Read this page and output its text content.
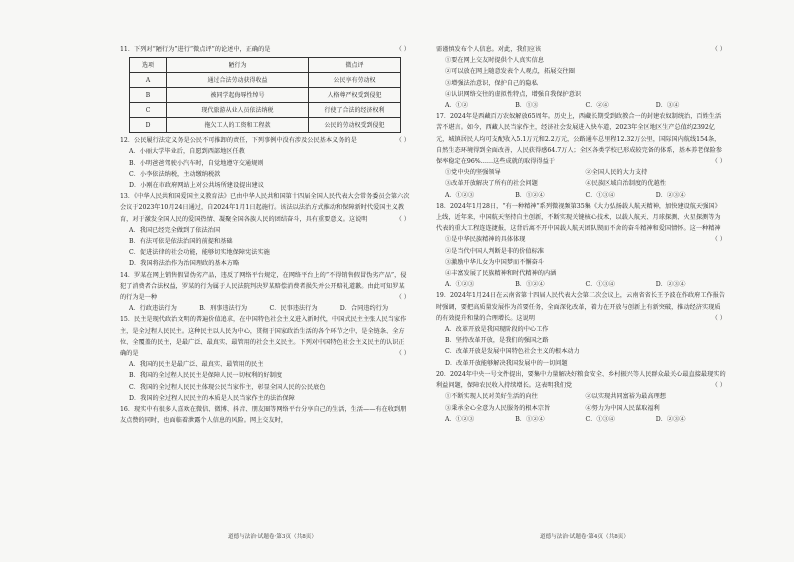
11．下列对“陋行为”进行“微点评”的论述中，正确的是	（ ）
选项	陋行为	微点评
A	通过合法劳动获得收益	公民享有劳动权
B	被同学起侮辱性绰号	人格尊严权受到侵犯
C	现代旅游从业人员依法纳税	行使了合法的经济权利
D	拖欠工人的工资和工程款	公民的劳动权受到侵犯
12．公民履行法定义务是公民不可推卸的责任，下列事例中没有涉及公民基本义务的是	（ ）
A．小丽大学毕业后，自愿到西部地区任教
B．小明爸爸驾驶小汽车时，自觉地遵守交通规则
C．小李依法纳税，主动缴纳税款
D．小刚在市政府网站上对公共场所建设提出建议
13．《中华人民共和国爱国主义教育法》已由中华人民共和国第十四届全国人民代表大会常务委员会第六次会议于2023年10月24日通过，自2024年1月1日起施行。该法以法治方式推动和保障新时代爱国主义教育，对于激发全国人民的爱国热情、凝聚全国各族人民的团结奋斗，具有重要意义。这说明	（ ）
A．我国已经完全做到了依法治国
B．有法可依是依法治国的前提和基础
C．促进法律的社会功能，能够切实地保障宪法实施
D．我国将法治作为治国理政的基本方略
14．罗某在网上销售假冒伪劣产品，违反了网络平台规定，在网络平台上的“不得销售假冒伪劣产品”，侵犯了消费者合法权益，罗某的行为属于人民法院判决罗某赔偿消费者损失并公开赔礼道歉。由此可知罗某的行为是一种	（ ）
A．行政违法行为	B．刑事违法行为	C．民事违法行为	D．合同违约行为
15．民主是现代政治文明的普遍价值追求，在中国特色社会主义进入新时代，中国式民主主张人民当家作主，是全过程人民民主。这种民主以人民为中心，贯彻于国家政治生活的各个环节之中，是全链条、全方位、全覆盖的民主，是最广泛、最真实、最管用的社会主义民主。下列对中国特色社会主义民主的认识正确的是	（ ）
A．我国的民主是最广泛、最真实、最管用的民主
B．我国的全过程人民民主是保障人民一切权利的好制度
C．我国的全过程人民民主体现公民当家作主，彰显全国人民的公民底色
D．我国的全过程人民民主的本质是人民当家作主的法治保障
16．现实中有很多人喜欢在微信、微博、抖音、朋友圈等网络平台分享自己的生活，生活——有在收到朋友点赞的同时，也面临着泄露个人信息的风险。网上交友时，
需谨慎发布个人信息。对此，我们应该	（ ）
①要在网上交友时提供个人真实信息
②可以放在网上随意发表个人观点，拓展交往圈
③增强法治意识，保护自己的隐私
④认识网络交往的虚拟性特点，增强自我保护意识
A．①②	B．①③	C．②④	D．③④
17．2024年是西藏百万农奴解放65周年。历史上，西藏长期受到政教合一的封建农奴制统治，百姓生活苦不堪言。如今，西藏人民当家作主，经济社会发展进入快车道，2023年全区地区生产总值约2392亿元，城镇居民人均可支配收入5.1万元和2.2万元，公路通车总里程12.32万公里，国际国内航线154条，自然生态环境得到全面改善，人民获得感64.7万人；全区各类学校已形成较完备的体系，基本养老保险参保率稳定在96%……这些成就的取得得益于	（ ）
①党中央的坚强领导	②全国人民的大力支持
③改革开放解决了所有的社会问题	④民族区域自治制度的优越性
A．①②③	B．①②④	C．①③④	D．②③④
18．2024年1月28日，“有一种精神”系列微视频第35集《大力弘扬载人航天精神，加快建设航天强国》上线，近年来，中国航天坚持自主创新，不断实现关键核心技术，以载人航天、月球探测、火星探测等为代表的重大工程连连捷报，这背后离不开中国载人航天团队锲而不舍的奋斗精神和爱国情怀。这一种精神
（ ）
①是中华民族精神的具体体现
②是当代中国人判断是非的价值标准
③激励中华儿女为中国梦而不懈奋斗
④丰富发展了民族精神和时代精神的内涵
A．①②③	B．①②④	C．①③④	D．②③④
19．2024年1月24日在云南省第十四届人民代表大会第二次会议上，云南省省长王予波在作政府工作报告时强调，要把高质量发展作为首要任务，全面深化改革，着力在开放与创新上有新突破，推动经济实现质的有效提升和量的合理增长。这说明	（ ）
A．改革开放是我国现阶段的中心工作
B．坚持改革开放，是我们的强国之路
C．改革开放是发展中国特色社会主义的根本动力
D．改革开放能够解决我国发展中的一切问题
20．2024年中央一号文件提出，要集中力量解决好粮食安全、乡村振兴等人民群众最关心最直接最现实的利益问题，保障农民收入持续增长。这表明我们党	（ ）
①不断实现人民对美好生活的向往	②以实现共同富裕为最高理想
③秉承全心全意为人民服务的根本宗旨	④努力为中国人民谋取福利
A．①②③	B．①②④	C．①③④	D．②③④
道德与法治·试题卷·第3页（共8页）	道德与法治·试题卷·第4页（共8页）
